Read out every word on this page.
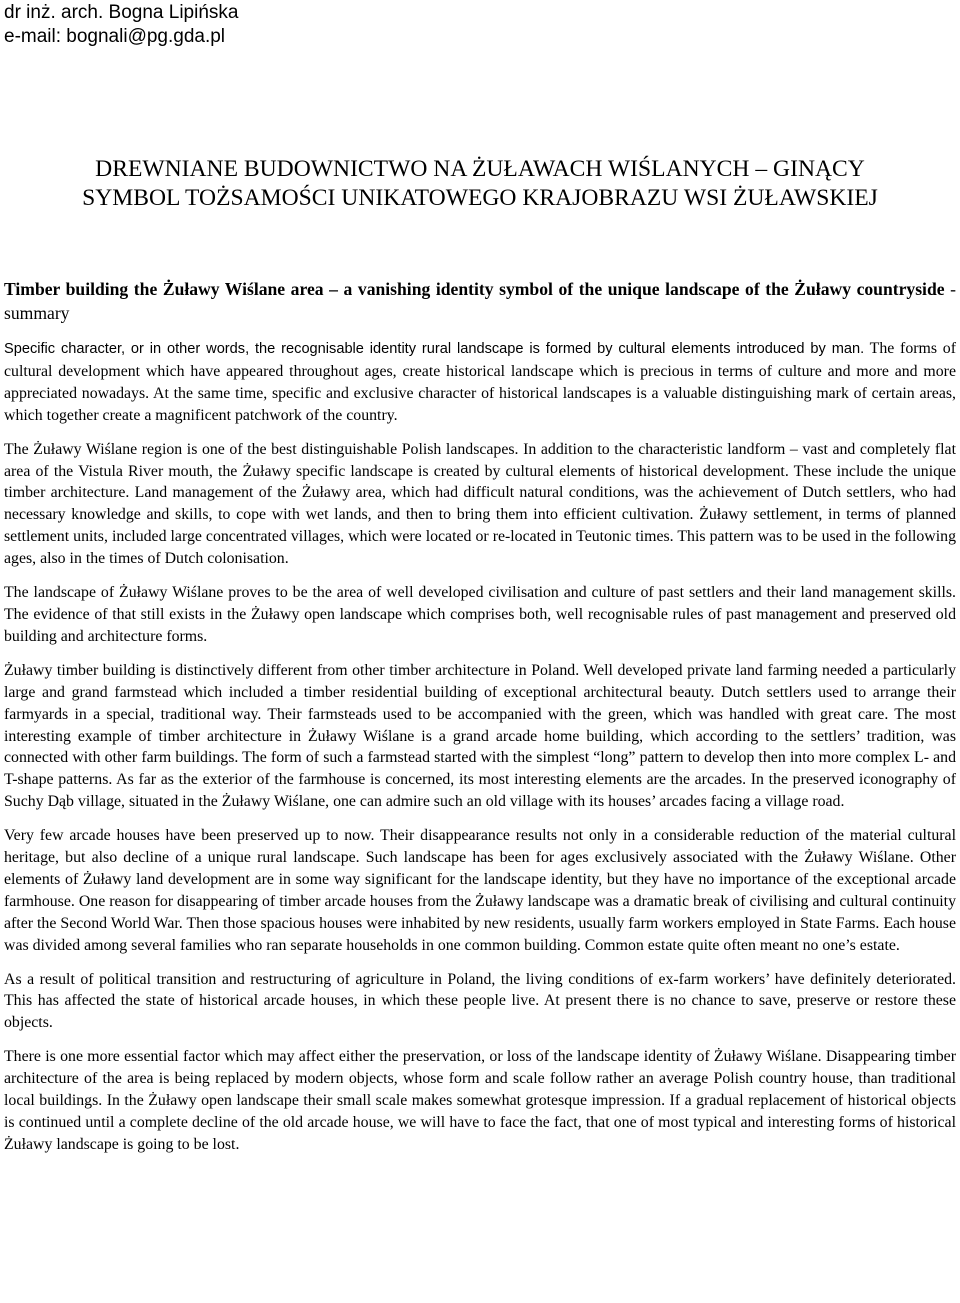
dr inż. arch. Bogna Lipińska
e-mail: bognali@pg.gda.pl
DREWNIANE BUDOWNICTWO NA ŻUŁAWACH WIŚLANYCH – GINĄCY
SYMBOL TOŻSAMOŚCI UNIKATOWEGO KRAJOBRAZU WSI ŻUŁAWSKIEJ
Timber building the Żuławy Wiślane area – a vanishing identity symbol of the unique landscape of the Żuławy countryside - summary

Specific character, or in other words, the recognisable identity rural landscape is formed by cultural elements introduced by man. The forms of cultural development which have appeared throughout ages, create historical landscape which is precious in terms of culture and more and more appreciated nowadays. At the same time, specific and exclusive character of historical landscapes is a valuable distinguishing mark of certain areas, which together create a magnificent patchwork of the country.

The Żuławy Wiślane region is one of the best distinguishable Polish landscapes. In addition to the characteristic landform – vast and completely flat area of the Vistula River mouth, the Żuławy specific landscape is created by cultural elements of historical development. These include the unique timber architecture. Land management of the Żuławy area, which had difficult natural conditions, was the achievement of Dutch settlers, who had necessary knowledge and skills, to cope with wet lands, and then to bring them into efficient cultivation. Żuławy settlement, in terms of planned settlement units, included large concentrated villages, which were located or re-located in Teutonic times. This pattern was to be used in the following ages, also in the times of Dutch colonisation.

The landscape of Żuławy Wiślane proves to be the area of well developed civilisation and culture of past settlers and their land management skills. The evidence of that still exists in the Żuławy open landscape which comprises both, well recognisable rules of past management and preserved old building and architecture forms.

Żuławy timber building is distinctively different from other timber architecture in Poland. Well developed private land farming needed a particularly large and grand farmstead which included a timber residential building of exceptional architectural beauty. Dutch settlers used to arrange their farmyards in a special, traditional way. Their farmsteads used to be accompanied with the green, which was handled with great care. The most interesting example of timber architecture in Żuławy Wiślane is a grand arcade home building, which according to the settlers’ tradition, was connected with other farm buildings. The form of such a farmstead started with the simplest “long” pattern to develop then into more complex L- and T-shape patterns. As far as the exterior of the farmhouse is concerned, its most interesting elements are the arcades. In the preserved iconography of Suchy Dąb village, situated in the Żuławy Wiślane, one can admire such an old village with its houses’ arcades facing a village road.

Very few arcade houses have been preserved up to now. Their disappearance results not only in a considerable reduction of the material cultural heritage, but also decline of a unique rural landscape. Such landscape has been for ages exclusively associated with the Żuławy Wiślane. Other elements of Żuławy land development are in some way significant for the landscape identity, but they have no importance of the exceptional arcade farmhouse. One reason for disappearing of timber arcade houses from the Żuławy landscape was a dramatic break of civilising and cultural continuity after the Second World War. Then those spacious houses were inhabited by new residents, usually farm workers employed in State Farms. Each house was divided among several families who ran separate households in one common building. Common estate quite often meant no one’s estate.

As a result of political transition and restructuring of agriculture in Poland, the living conditions of ex-farm workers’ have definitely deteriorated. This has affected the state of historical arcade houses, in which these people live. At present there is no chance to save, preserve or restore these objects.

There is one more essential factor which may affect either the preservation, or loss of the landscape identity of Żuławy Wiślane. Disappearing timber architecture of the area is being replaced by modern objects, whose form and scale follow rather an average Polish country house, than traditional local buildings. In the Żuławy open landscape their small scale makes somewhat grotesque impression. If a gradual replacement of historical objects is continued until a complete decline of the old arcade house, we will have to face the fact, that one of most typical and interesting forms of historical Żuławy landscape is going to be lost.
